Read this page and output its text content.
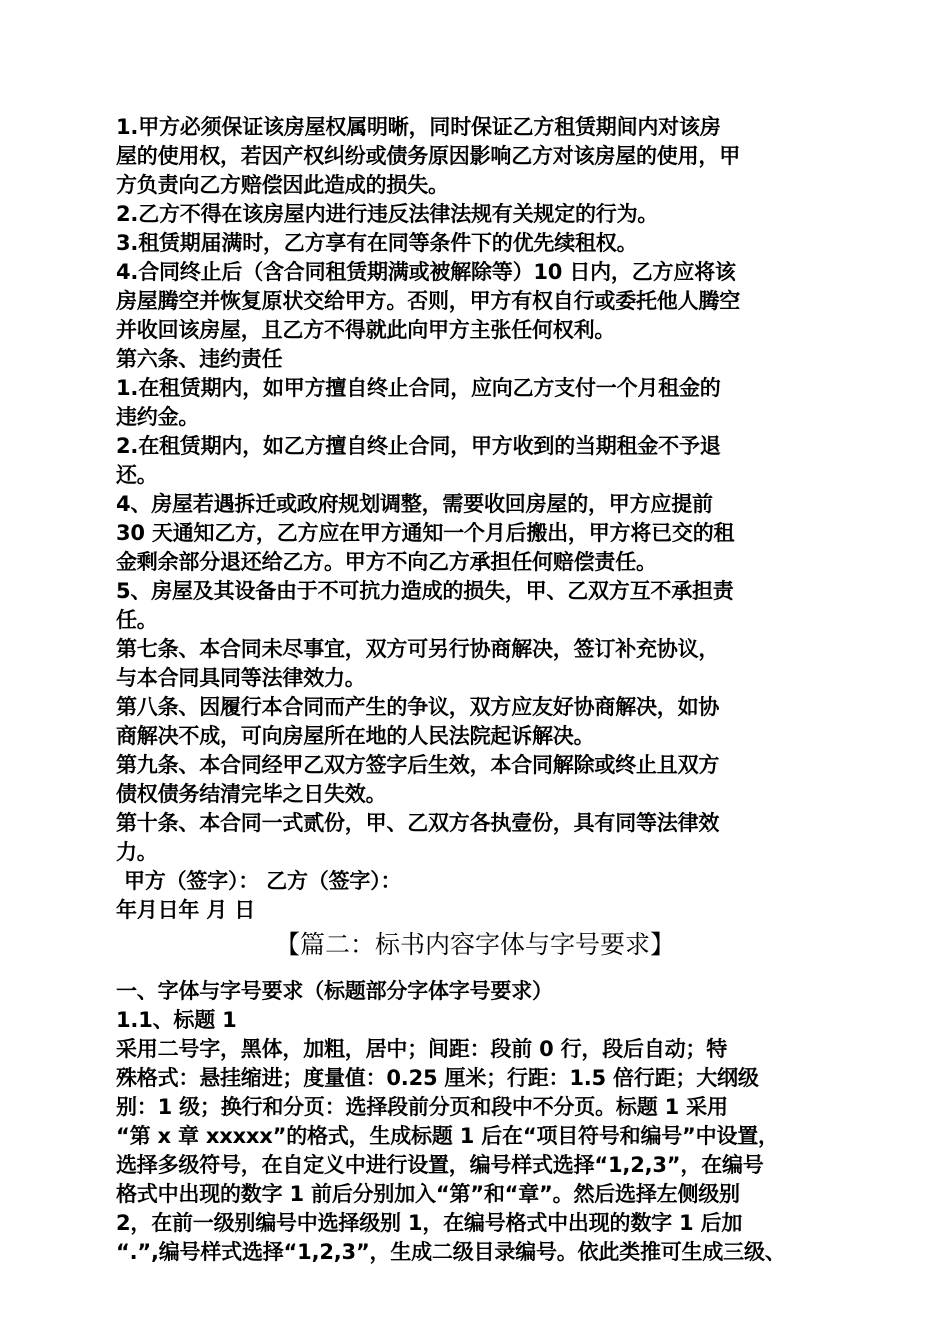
1.甲方必须保证该房屋权属明晰，同时保证乙方租赁期间内对该房
屋的使用权，若因产权纠纷或债务原因影响乙方对该房屋的使用，甲
方负责向乙方赔偿因此造成的损失。
2.乙方不得在该房屋内进行违反法律法规有关规定的行为。
3.租赁期届满时，乙方享有在同等条件下的优先续租权。
4.合同终止后（含合同租赁期满或被解除等）10 日内，乙方应将该
房屋腾空并恢复原状交给甲方。否则，甲方有权自行或委托他人腾空
并收回该房屋，且乙方不得就此向甲方主张任何权利。
第六条、违约责任
1.在租赁期内，如甲方擅自终止合同，应向乙方支付一个月租金的
违约金。
2.在租赁期内，如乙方擅自终止合同，甲方收到的当期租金不予退
还。
4、房屋若遇拆迁或政府规划调整，需要收回房屋的，甲方应提前
30 天通知乙方，乙方应在甲方通知一个月后搬出，甲方将已交的租
金剩余部分退还给乙方。甲方不向乙方承担任何赔偿责任。
5、房屋及其设备由于不可抗力造成的损失，甲、乙双方互不承担责
任。
第七条、本合同未尽事宜，双方可另行协商解决，签订补充协议，
与本合同具同等法律效力。
第八条、因履行本合同而产生的争议，双方应友好协商解决，如协
商解决不成，可向房屋所在地的人民法院起诉解决。
第九条、本合同经甲乙双方签字后生效，本合同解除或终止且双方
债权债务结清完毕之日失效。
第十条、本合同一式贰份，甲、乙双方各执壹份，具有同等法律效
力。
甲方（签字）： 乙方（签字）：
年月日年 月 日
【篇二：标书内容字体与字号要求】
一、字体与字号要求（标题部分字体字号要求）
1.1、标题 1
采用二号字，黑体，加粗，居中；间距：段前 0 行，段后自动；特
殊格式：悬挂缩进；度量值：0.25 厘米；行距：1.5 倍行距；大纲级
别：1 级；换行和分页：选择段前分页和段中不分页。标题 1 采用
“第 x 章 xxxxx”的格式，生成标题 1 后在“项目符号和编号”中设置，
选择多级符号，在自定义中进行设置，编号样式选择“1,2,3”，在编号
格式中出现的数字 1 前后分别加入“第”和“章”。然后选择左侧级别
2，在前一级别编号中选择级别 1，在编号格式中出现的数字 1 后加
“.”,编号样式选择“1,2,3”，生成二级目录编号。依此类推可生成三级、
